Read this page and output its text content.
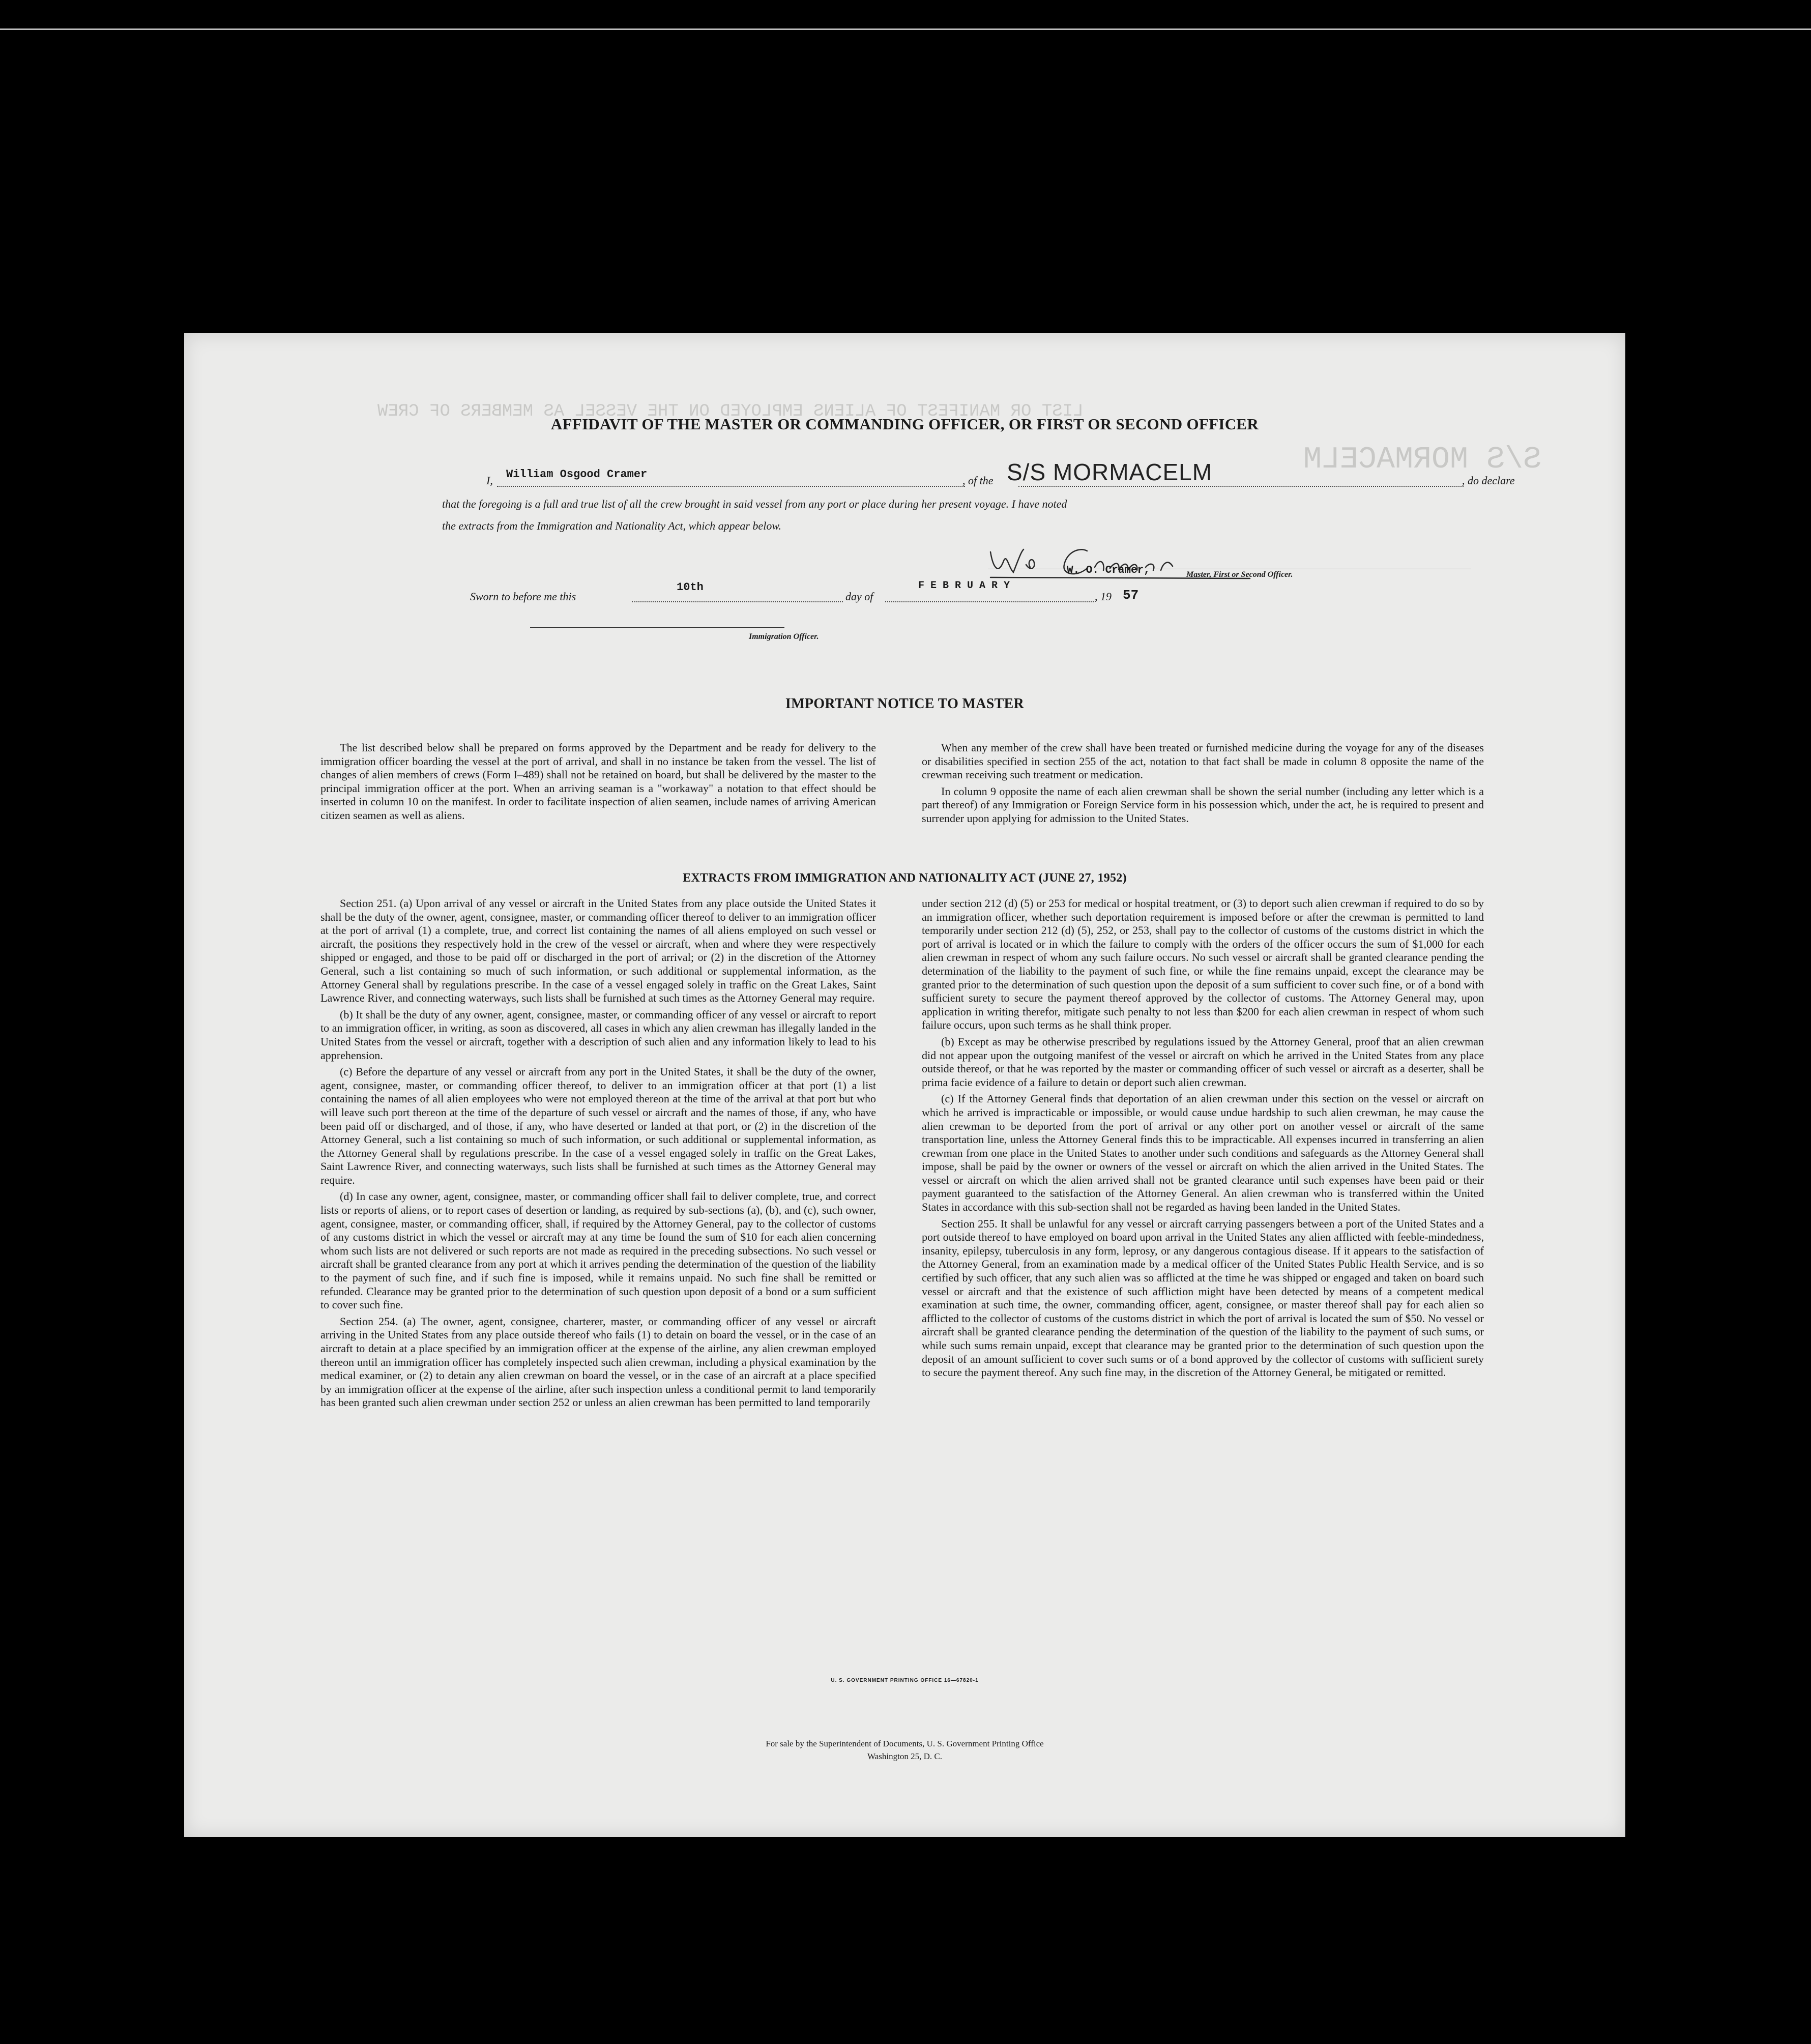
LIST OR MANIFEST OF ALIENS EMPLOYED ON THE VESSEL AS MEMBERS OF CREW
S/S MORMACELM
AFFIDAVIT OF THE MASTER OR COMMANDING OFFICER, OR FIRST OR SECOND OFFICER
I, William Osgood Cramer	, of the S/S MORMACELM	, do declare
that the foregoing is a full and true list of all the crew brought in said vessel from any port or place during her present voyage. I have noted
the extracts from the Immigration and Nationality Act, which appear below.
W. O. Cramer,	Master, First or Second Officer.
Sworn to before me this
10th
day of
F E B R U A R Y
, 19 57
Immigration Officer.
IMPORTANT NOTICE TO MASTER

The list described below shall be prepared on forms approved by the Department and be ready for delivery to the immigration officer boarding the vessel at the port of arrival, and shall in no instance be taken from the vessel. The list of changes of alien members of crews (Form I–489) shall not be retained on board, but shall be delivered by the master to the principal immigration officer at the port. When an arriving seaman is a "workaway" a notation to that effect should be inserted in column 10 on the manifest. In order to facilitate inspection of alien seamen, include names of arriving American citizen seamen as well as aliens.

When any member of the crew shall have been treated or furnished medicine during the voyage for any of the diseases or disabilities specified in section 255 of the act, notation to that fact shall be made in column 8 opposite the name of the crewman receiving such treatment or medication.

In column 9 opposite the name of each alien crewman shall be shown the serial number (including any letter which is a part thereof) of any Immigration or Foreign Service form in his possession which, under the act, he is required to present and surrender upon applying for admission to the United States.

EXTRACTS FROM IMMIGRATION AND NATIONALITY ACT (JUNE 27, 1952)

Section 251. (a) Upon arrival of any vessel or aircraft in the United States from any place outside the United States it shall be the duty of the owner, agent, consignee, master, or commanding officer thereof to deliver to an immigration officer at the port of arrival (1) a complete, true, and correct list containing the names of all aliens employed on such vessel or aircraft, the positions they respectively hold in the crew of the vessel or aircraft, when and where they were respectively shipped or engaged, and those to be paid off or discharged in the port of arrival; or (2) in the discretion of the Attorney General, such a list containing so much of such information, or such additional or supplemental information, as the Attorney General shall by regulations prescribe. In the case of a vessel engaged solely in traffic on the Great Lakes, Saint Lawrence River, and connecting waterways, such lists shall be furnished at such times as the Attorney General may require.

(b) It shall be the duty of any owner, agent, consignee, master, or commanding officer of any vessel or aircraft to report to an immigration officer, in writing, as soon as discovered, all cases in which any alien crewman has illegally landed in the United States from the vessel or aircraft, together with a description of such alien and any information likely to lead to his apprehension.

(c) Before the departure of any vessel or aircraft from any port in the United States, it shall be the duty of the owner, agent, consignee, master, or commanding officer thereof, to deliver to an immigration officer at that port (1) a list containing the names of all alien employees who were not employed thereon at the time of the arrival at that port but who will leave such port thereon at the time of the departure of such vessel or aircraft and the names of those, if any, who have been paid off or discharged, and of those, if any, who have deserted or landed at that port, or (2) in the discretion of the Attorney General, such a list containing so much of such information, or such additional or supplemental information, as the Attorney General shall by regulations prescribe. In the case of a vessel engaged solely in traffic on the Great Lakes, Saint Lawrence River, and connecting waterways, such lists shall be furnished at such times as the Attorney General may require.

(d) In case any owner, agent, consignee, master, or commanding officer shall fail to deliver complete, true, and correct lists or reports of aliens, or to report cases of desertion or landing, as required by sub-sections (a), (b), and (c), such owner, agent, consignee, master, or commanding officer, shall, if required by the Attorney General, pay to the collector of customs of any customs district in which the vessel or aircraft may at any time be found the sum of $10 for each alien concerning whom such lists are not delivered or such reports are not made as required in the preceding subsections. No such vessel or aircraft shall be granted clearance from any port at which it arrives pending the determination of the question of the liability to the payment of such fine, and if such fine is imposed, while it remains unpaid. No such fine shall be remitted or refunded. Clearance may be granted prior to the determination of such question upon deposit of a bond or a sum sufficient to cover such fine.

Section 254. (a) The owner, agent, consignee, charterer, master, or commanding officer of any vessel or aircraft arriving in the United States from any place outside thereof who fails (1) to detain on board the vessel, or in the case of an aircraft to detain at a place specified by an immigration officer at the expense of the airline, any alien crewman employed thereon until an immigration officer has completely inspected such alien crewman, including a physical examination by the medical examiner, or (2) to detain any alien crewman on board the vessel, or in the case of an aircraft at a place specified by an immigration officer at the expense of the airline, after such inspection unless a conditional permit to land temporarily has been granted such alien crewman under section 252 or unless an alien crewman has been permitted to land temporarily

under section 212 (d) (5) or 253 for medical or hospital treatment, or (3) to deport such alien crewman if required to do so by an immigration officer, whether such deportation requirement is imposed before or after the crewman is permitted to land temporarily under section 212 (d) (5), 252, or 253, shall pay to the collector of customs of the customs district in which the port of arrival is located or in which the failure to comply with the orders of the officer occurs the sum of $1,000 for each alien crewman in respect of whom any such failure occurs. No such vessel or aircraft shall be granted clearance pending the determination of the liability to the payment of such fine, or while the fine remains unpaid, except the clearance may be granted prior to the determination of such question upon the deposit of a sum sufficient to cover such fine, or of a bond with sufficient surety to secure the payment thereof approved by the collector of customs. The Attorney General may, upon application in writing therefor, mitigate such penalty to not less than $200 for each alien crewman in respect of whom such failure occurs, upon such terms as he shall think proper.

(b) Except as may be otherwise prescribed by regulations issued by the Attorney General, proof that an alien crewman did not appear upon the outgoing manifest of the vessel or aircraft on which he arrived in the United States from any place outside thereof, or that he was reported by the master or commanding officer of such vessel or aircraft as a deserter, shall be prima facie evidence of a failure to detain or deport such alien crewman.

(c) If the Attorney General finds that deportation of an alien crewman under this section on the vessel or aircraft on which he arrived is impracticable or impossible, or would cause undue hardship to such alien crewman, he may cause the alien crewman to be deported from the port of arrival or any other port on another vessel or aircraft of the same transportation line, unless the Attorney General finds this to be impracticable. All expenses incurred in transferring an alien crewman from one place in the United States to another under such conditions and safeguards as the Attorney General shall impose, shall be paid by the owner or owners of the vessel or aircraft on which the alien arrived in the United States. The vessel or aircraft on which the alien arrived shall not be granted clearance until such expenses have been paid or their payment guaranteed to the satisfaction of the Attorney General. An alien crewman who is transferred within the United States in accordance with this sub-section shall not be regarded as having been landed in the United States.

Section 255. It shall be unlawful for any vessel or aircraft carrying passengers between a port of the United States and a port outside thereof to have employed on board upon arrival in the United States any alien afflicted with feeble-mindedness, insanity, epilepsy, tuberculosis in any form, leprosy, or any dangerous contagious disease. If it appears to the satisfaction of the Attorney General, from an examination made by a medical officer of the United States Public Health Service, and is so certified by such officer, that any such alien was so afflicted at the time he was shipped or engaged and taken on board such vessel or aircraft and that the existence of such affliction might have been detected by means of a competent medical examination at such time, the owner, commanding officer, agent, consignee, or master thereof shall pay for each alien so afflicted to the collector of customs of the customs district in which the port of arrival is located the sum of $50. No vessel or aircraft shall be granted clearance pending the determination of the question of the liability to the payment of such sums, or while such sums remain unpaid, except that clearance may be granted prior to the determination of such question upon the deposit of an amount sufficient to cover such sums or of a bond approved by the collector of customs with sufficient surety to secure the payment thereof. Any such fine may, in the discretion of the Attorney General, be mitigated or remitted.

U. S. GOVERNMENT PRINTING OFFICE 16—67820-1
For sale by the Superintendent of Documents, U. S. Government Printing Office
Washington 25, D. C.
